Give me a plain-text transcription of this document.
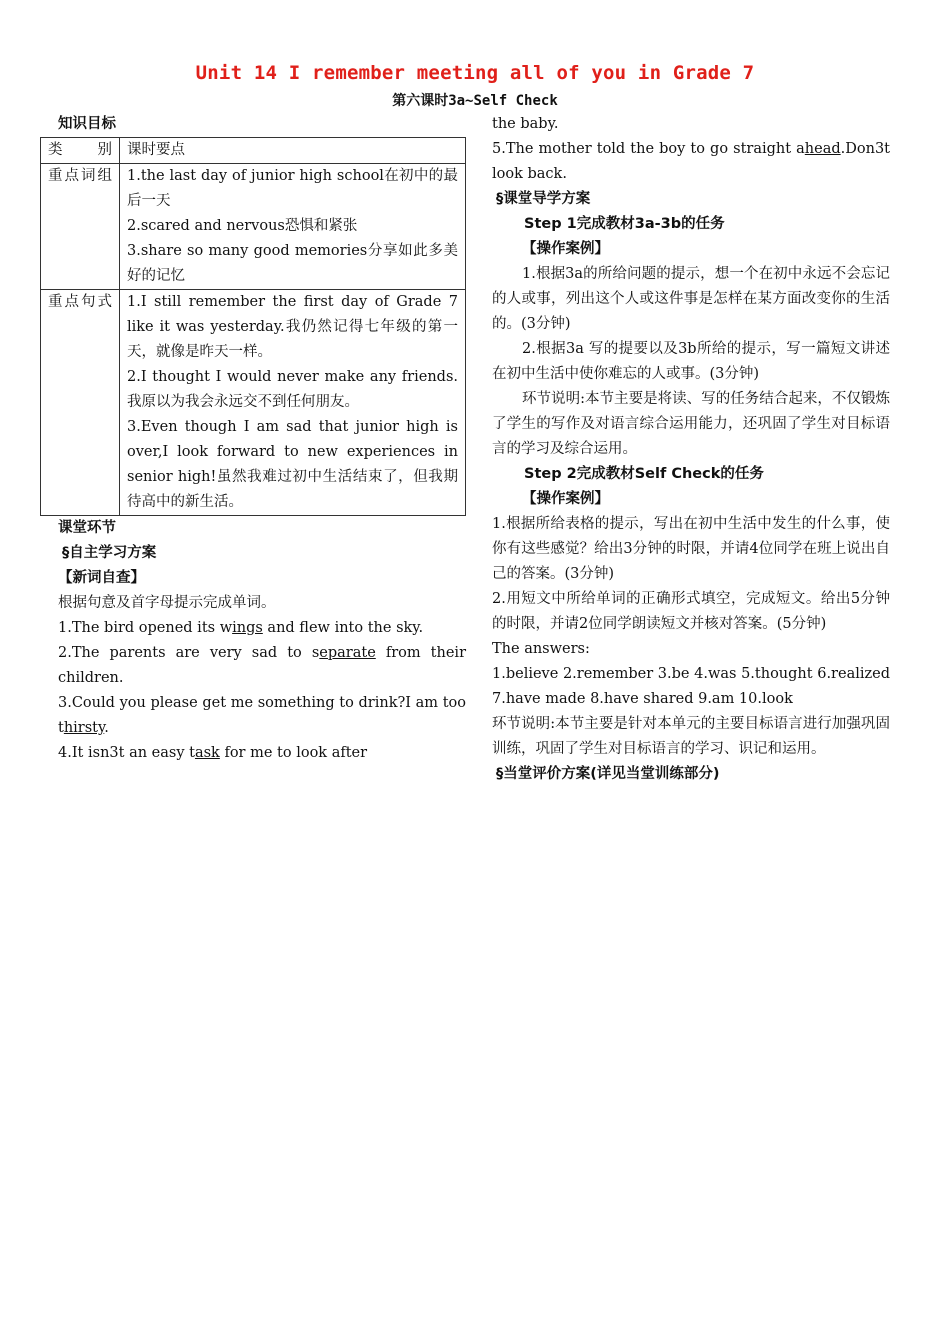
Unit 14 I remember meeting all of you in Grade 7
第六课时3a~Self Check
知识目标
类别	课时要点
重点词组	1.the last day of junior high school在初中的最后一天
2.scared and nervous恐惧和紧张
3.share so many good memories分享如此多美好的记忆

重点句式	1.I still remember the first day of Grade 7 like it was yesterday.我仍然记得七年级的第一天，就像是昨天一样。
2.I thought I would never make any friends.我原以为我会永远交不到任何朋友。
3.Even though I am sad that junior high is over,I look forward to new experiences in senior high!虽然我难过初中生活结束了，但我期待高中的新生活。
课堂环节
§自主学习方案
【新词自查】
根据句意及首字母提示完成单词。
1.The bird opened its wings and flew into the sky.
2.The parents are very sad to separate from their children.
3.Could you please get me something to drink?I am too thirsty.
4.It isn3t an easy task for me to look after
the baby.
5.The mother told the boy to go straight ahead.Don3t look back.
§课堂导学方案
Step 1完成教材3a-3b的任务
【操作案例】
1.根据3a的所给问题的提示，想一个在初中永远不会忘记的人或事，列出这个人或这件事是怎样在某方面改变你的生活的。(3分钟)
2.根据3a 写的提要以及3b所给的提示，写一篇短文讲述在初中生活中使你难忘的人或事。(3分钟)
环节说明:本节主要是将读、写的任务结合起来，不仅锻炼了学生的写作及对语言综合运用能力，还巩固了学生对目标语言的学习及综合运用。
Step 2完成教材Self Check的任务
【操作案例】
1.根据所给表格的提示，写出在初中生活中发生的什么事，使你有这些感觉？给出3分钟的时限，并请4位同学在班上说出自己的答案。(3分钟)
2.用短文中所给单词的正确形式填空，完成短文。给出5分钟的时限，并请2位同学朗读短文并核对答案。(5分钟)
The answers:
1.believe 2.remember 3.be 4.was 5.thought 6.realized 7.have made 8.have shared 9.am 10.look
环节说明:本节主要是针对本单元的主要目标语言进行加强巩固训练，巩固了学生对目标语言的学习、识记和运用。
§当堂评价方案(详见当堂训练部分)
